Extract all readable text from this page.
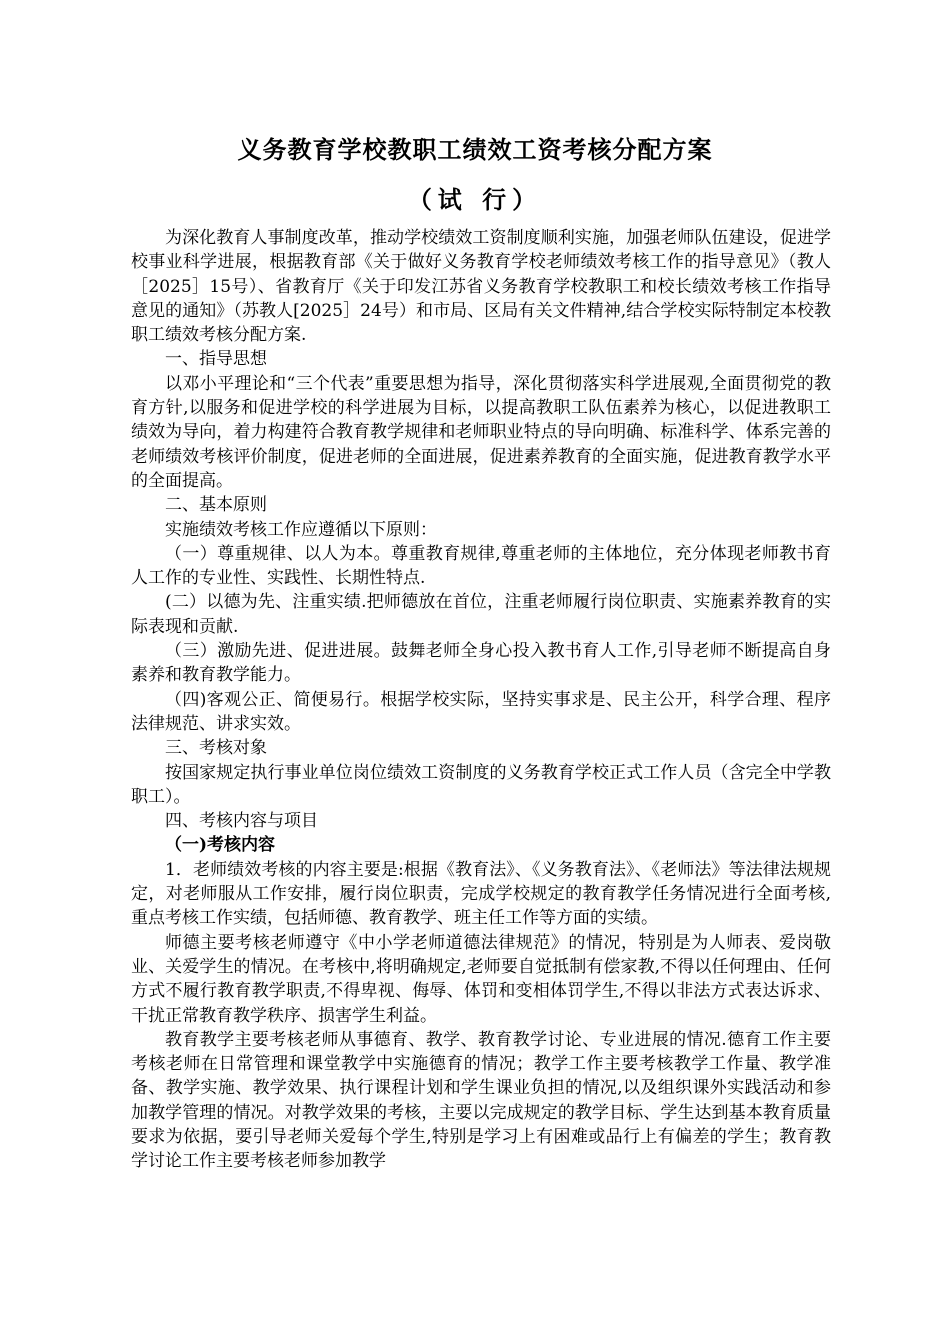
义务教育学校教职工绩效工资考核分配方案
（试 行）

为深化教育人事制度改革，推动学校绩效工资制度顺利实施，加强老师队伍建设，促进学校事业科学进展，根据教育部《关于做好义务教育学校老师绩效考核工作的指导意见》（教人［2025］15号）、省教育厅《关于印发江苏省义务教育学校教职工和校长绩效考核工作指导意见的通知》（苏教人[2025］24号）和市局、区局有关文件精神,结合学校实际特制定本校教职工绩效考核分配方案.

一、指导思想

以邓小平理论和“三个代表”重要思想为指导，深化贯彻落实科学进展观,全面贯彻党的教育方针,以服务和促进学校的科学进展为目标，以提高教职工队伍素养为核心，以促进教职工绩效为导向，着力构建符合教育教学规律和老师职业特点的导向明确、标准科学、体系完善的老师绩效考核评价制度，促进老师的全面进展，促进素养教育的全面实施，促进教育教学水平的全面提高。

二、基本原则

实施绩效考核工作应遵循以下原则：

（一）尊重规律、以人为本。尊重教育规律,尊重老师的主体地位，充分体现老师教书育人工作的专业性、实践性、长期性特点.

(二）以德为先、注重实绩.把师德放在首位，注重老师履行岗位职责、实施素养教育的实际表现和贡献.

（三）激励先进、促进进展。鼓舞老师全身心投入教书育人工作,引导老师不断提高自身素养和教育教学能力。

（四)客观公正、简便易行。根据学校实际，坚持实事求是、民主公开，科学合理、程序法律规范、讲求实效。

三、考核对象

按国家规定执行事业单位岗位绩效工资制度的义务教育学校正式工作人员（含完全中学教职工）。

四、考核内容与项目

（一)考核内容

1．老师绩效考核的内容主要是:根据《教育法》、《义务教育法》、《老师法》等法律法规规定，对老师服从工作安排，履行岗位职责，完成学校规定的教育教学任务情况进行全面考核,重点考核工作实绩，包括师德、教育教学、班主任工作等方面的实绩。

师德主要考核老师遵守《中小学老师道德法律规范》的情况，特别是为人师表、爱岗敬业、关爱学生的情况。在考核中,将明确规定,老师要自觉抵制有偿家教,不得以任何理由、任何方式不履行教育教学职责,不得卑视、侮辱、体罚和变相体罚学生,不得以非法方式表达诉求、干扰正常教育教学秩序、损害学生利益。

教育教学主要考核老师从事德育、教学、教育教学讨论、专业进展的情况.德育工作主要考核老师在日常管理和课堂教学中实施德育的情况；教学工作主要考核教学工作量、教学准备、教学实施、教学效果、执行课程计划和学生课业负担的情况,以及组织课外实践活动和参加教学管理的情况。对教学效果的考核，主要以完成规定的教学目标、学生达到基本教育质量要求为依据，要引导老师关爱每个学生,特别是学习上有困难或品行上有偏差的学生；教育教学讨论工作主要考核老师参加教学
